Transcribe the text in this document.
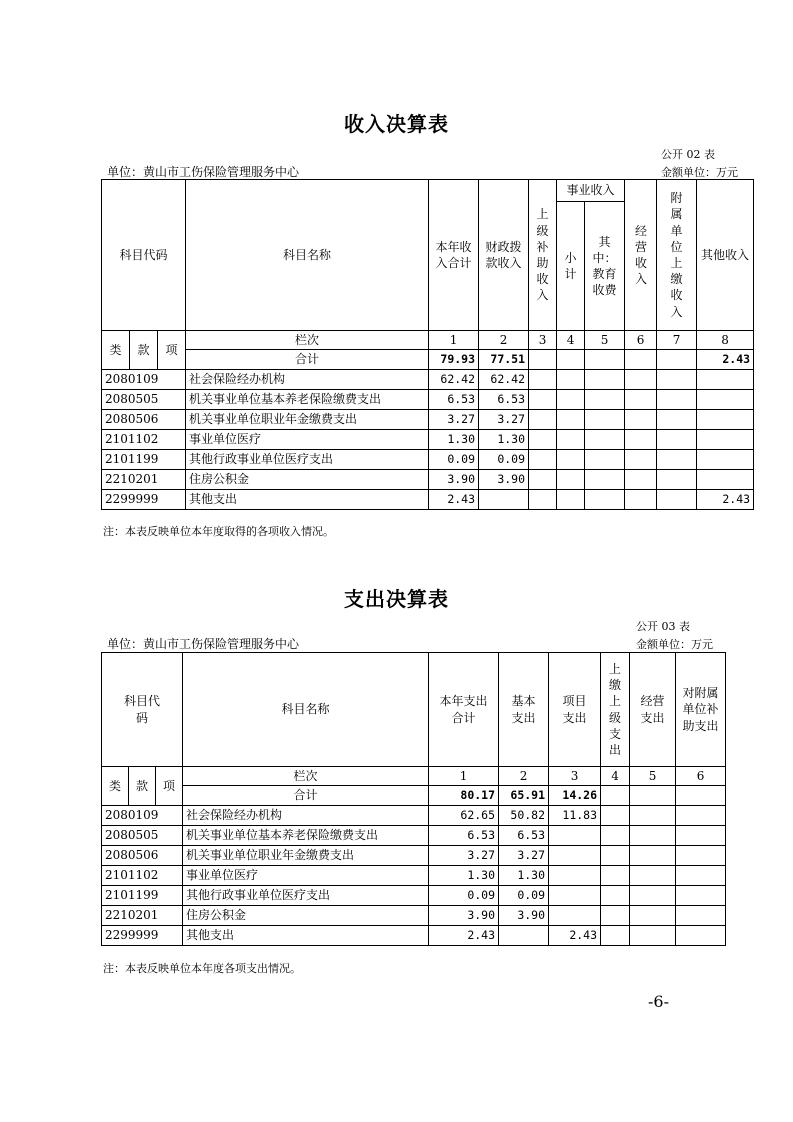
收入决算表
公开 02 表
单位：黄山市工伤保险管理服务中心	金额单位：万元
科目代码			科目名称	本年收入合计	财政拨款收入	上级补助收入	事业收入		经营收入	附属单位上缴收入	其他收入
							小计	其中：教育收费			
类	款	项	栏次	1	2	3	4	5	6	7	8
			合计	79.93	77.51						2.43
2080109			社会保险经办机构	62.42	62.42						
2080505			机关事业单位基本养老保险缴费支出	6.53	6.53						
2080506			机关事业单位职业年金缴费支出	3.27	3.27						
2101102			事业单位医疗	1.30	1.30						
2101199			其他行政事业单位医疗支出	0.09	0.09						
2210201			住房公积金	3.90	3.90						
2299999			其他支出	2.43							2.43
注：本表反映单位本年度取得的各项收入情况。
支出决算表
公开 03 表
单位：黄山市工伤保险管理服务中心	金额单位：万元
科目代码			科目名称	本年支出合计	基本支出	项目支出	上缴上级支出	经营支出	对附属单位补助支出
类	款	项	栏次	1	2	3	4	5	6
			合计	80.17	65.91	14.26			
2080109			社会保险经办机构	62.65	50.82	11.83			
2080505			机关事业单位基本养老保险缴费支出	6.53	6.53				
2080506			机关事业单位职业年金缴费支出	3.27	3.27				
2101102			事业单位医疗	1.30	1.30				
2101199			其他行政事业单位医疗支出	0.09	0.09				
2210201			住房公积金	3.90	3.90				
2299999			其他支出	2.43		2.43			
注：本表反映单位本年度各项支出情况。
-6-
